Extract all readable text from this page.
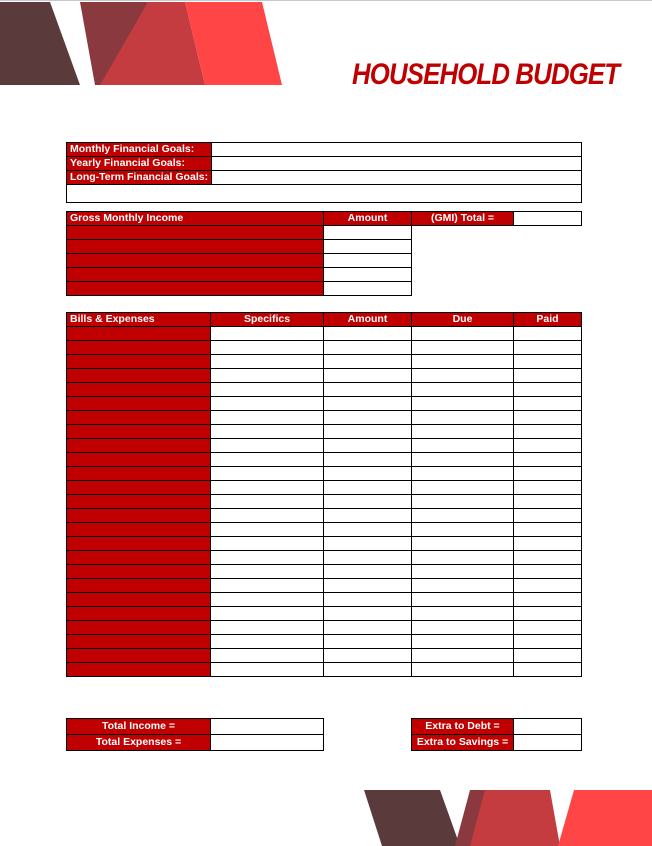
HOUSEHOLD BUDGET
Monthly Financial Goals:	
Yearly Financial Goals:	
Long-Term Financial Goals:	

Gross Monthly Income	Amount	(GMI) Total =	

Bills & Expenses	Specifics	Amount	Due	Paid

Total Income =	
Total Expenses =	
Extra to Debt =	
Extra to Savings =	
